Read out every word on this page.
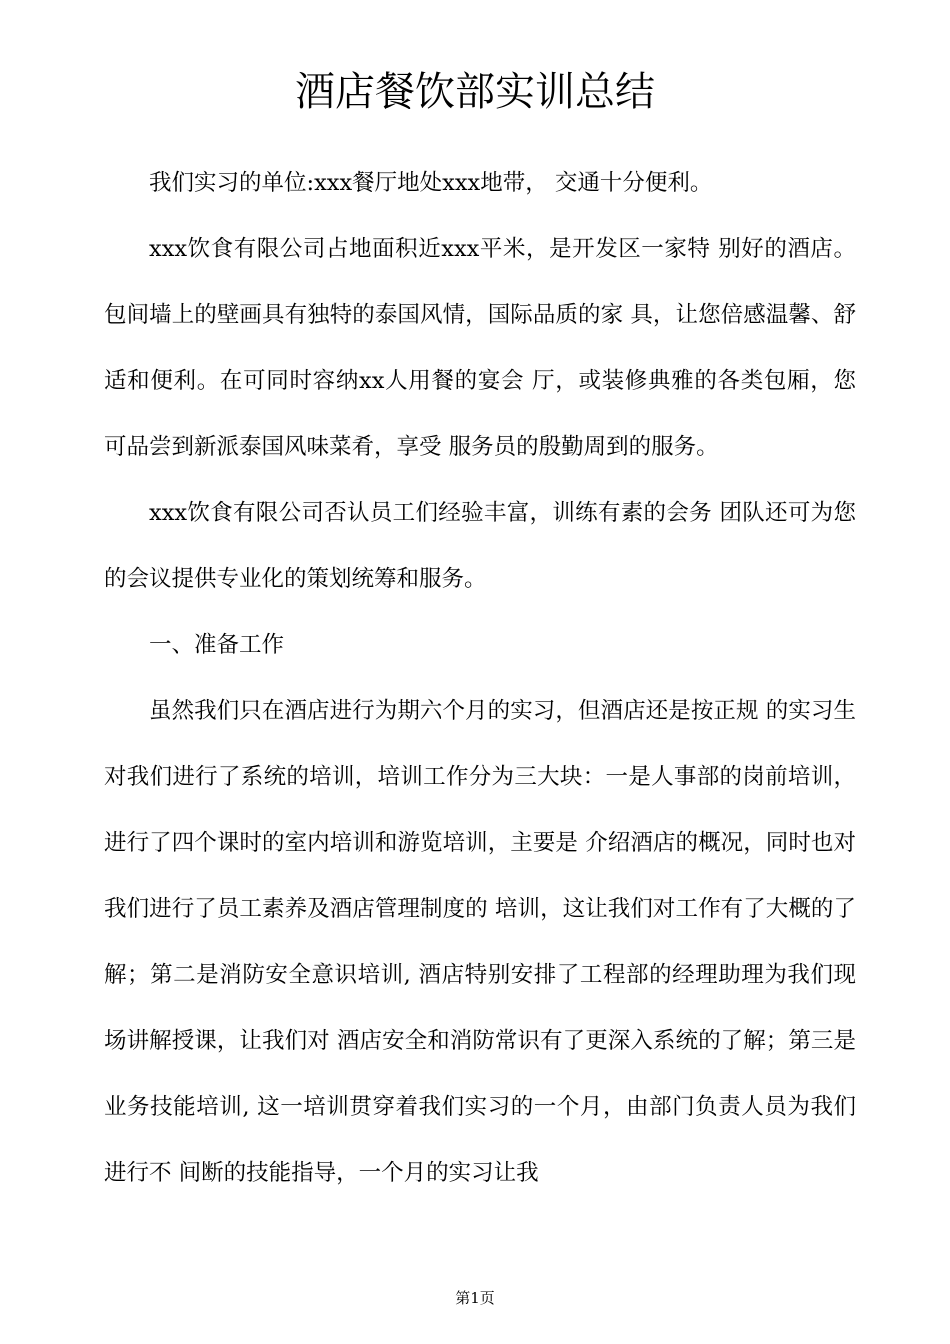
酒店餐饮部实训总结

我们实习的单位:xxx餐厅地处xxx地带， 交通十分便利。

xxx饮食有限公司占地面积近xxx平米，是开发区一家特 别好的酒店。包间墙上的壁画具有独特的泰国风情，国际品质的家 具，让您倍感温馨、舒适和便利。在可同时容纳xx人用餐的宴会 厅，或装修典雅的各类包厢，您可品尝到新派泰国风味菜肴，享受 服务员的殷勤周到的服务。

xxx饮食有限公司否认员工们经验丰富，训练有素的会务 团队还可为您的会议提供专业化的策划统筹和服务。

一、准备工作

虽然我们只在酒店进行为期六个月的实习，但酒店还是按正规 的实习生对我们进行了系统的培训，培训工作分为三大块：一是人事部的岗前培训，进行了四个课时的室内培训和游览培训，主要是 介绍酒店的概况，同时也对我们进行了员工素养及酒店管理制度的 培训，这让我们对工作有了大概的了解；第二是消防安全意识培训, 酒店特别安排了工程部的经理助理为我们现场讲解授课，让我们对 酒店安全和消防常识有了更深入系统的了解；第三是业务技能培训, 这一培训贯穿着我们实习的一个月，由部门负责人员为我们进行不 间断的技能指导，一个月的实习让我

第1页
